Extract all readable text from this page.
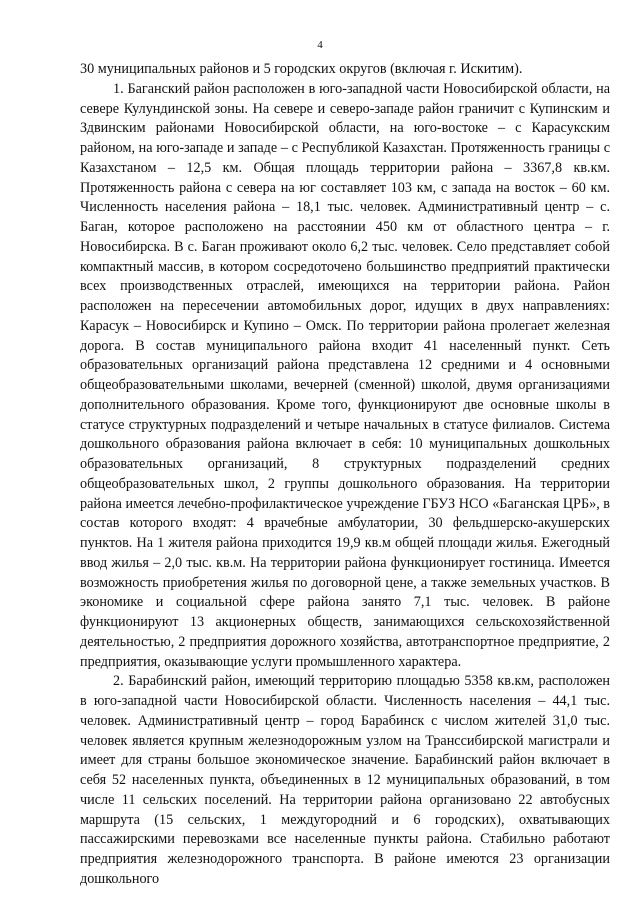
4

30 муниципальных районов и 5 городских округов (включая г. Искитим).

1. Баганский район расположен в юго-западной части Новосибирской области, на севере Кулундинской зоны. На севере и северо-западе район граничит с Купинским и Здвинским районами Новосибирской области, на юго-востоке – с Карасукским районом, на юго-западе и западе – с Республикой Казахстан. Протяженность границы с Казахстаном – 12,5 км. Общая площадь территории района – 3367,8 кв.км. Протяженность района с севера на юг составляет 103 км, с запада на восток – 60 км. Численность населения района – 18,1 тыс. человек. Административный центр – с. Баган, которое расположено на расстоянии 450 км от областного центра – г. Новосибирска. В с. Баган проживают около 6,2 тыс. человек. Село представляет собой компактный массив, в котором сосредоточено большинство предприятий практически всех производственных отраслей, имеющихся на территории района. Район расположен на пересечении автомобильных дорог, идущих в двух направлениях: Карасук – Новосибирск и Купино – Омск. По территории района пролегает железная дорога. В состав муниципального района входит 41 населенный пункт. Сеть образовательных организаций района представлена 12 средними и 4 основными общеобразовательными школами, вечерней (сменной) школой, двумя организациями дополнительного образования. Кроме того, функционируют две основные школы в статусе структурных подразделений и четыре начальных в статусе филиалов. Система дошкольного образования района включает в себя: 10 муниципальных дошкольных образовательных организаций, 8 структурных подразделений средних общеобразовательных школ, 2 группы дошкольного образования. На территории района имеется лечебно-профилактическое учреждение ГБУЗ НСО «Баганская ЦРБ», в состав которого входят: 4 врачебные амбулатории, 30 фельдшерско-акушерских пунктов. На 1 жителя района приходится 19,9 кв.м общей площади жилья. Ежегодный ввод жилья – 2,0 тыс. кв.м. На территории района функционирует гостиница. Имеется возможность приобретения жилья по договорной цене, а также земельных участков. В экономике и социальной сфере района занято 7,1 тыс. человек. В районе функционируют 13 акционерных обществ, занимающихся сельскохозяйственной деятельностью, 2 предприятия дорожного хозяйства, автотранспортное предприятие, 2 предприятия, оказывающие услуги промышленного характера.

2. Барабинский район, имеющий территорию площадью 5358 кв.км, расположен в юго-западной части Новосибирской области. Численность населения – 44,1 тыс. человек. Административный центр – город Барабинск с числом жителей 31,0 тыс. человек является крупным железнодорожным узлом на Транссибирской магистрали и имеет для страны большое экономическое значение. Барабинский район включает в себя 52 населенных пункта, объединенных в 12 муниципальных образований, в том числе 11 сельских поселений. На территории района организовано 22 автобусных маршрута (15 сельских, 1 междугородний и 6 городских), охватывающих пассажирскими перевозками все населенные пункты района. Стабильно работают предприятия железнодорожного транспорта. В районе имеются 23 организации дошкольного
